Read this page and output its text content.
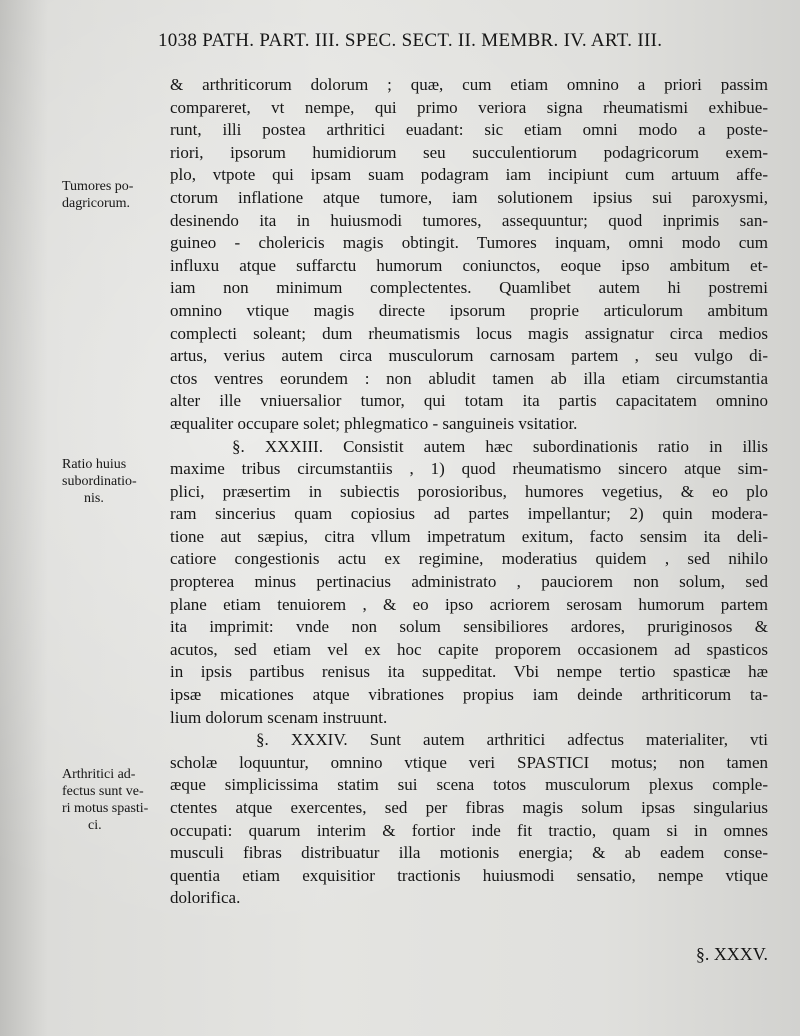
1038 PATH. PART. III. SPEC. SECT. II. MEMBR. IV. ART. III.
& arthriticorum dolorum ; quæ, cum etiam omnino a priori passim
compareret, vt nempe, qui primo veriora signa rheumatismi exhibue-
runt, illi postea arthritici euadant: sic etiam omni modo a poste-
riori, ipsorum humidiorum seu succulentiorum podagricorum exem-
plo, vtpote qui ipsam suam podagram iam incipiunt cum artuum affe-
ctorum inflatione atque tumore, iam solutionem ipsius sui paroxysmi,
desinendo ita in huiusmodi tumores, assequuntur; quod inprimis san-
guineo - cholericis magis obtingit. Tumores inquam, omni modo cum
influxu atque suffarctu humorum coniunctos, eoque ipso ambitum et-
iam non minimum complectentes. Quamlibet autem hi postremi
omnino vtique magis directe ipsorum proprie articulorum ambitum
complecti soleant; dum rheumatismis locus magis assignatur circa medios
artus, verius autem circa musculorum carnosam partem , seu vulgo di-
ctos ventres eorundem : non abludit tamen ab illa etiam circumstantia
alter ille vniuersalior tumor, qui totam ita partis capacitatem omnino
æqualiter occupare solet; phlegmatico - sanguineis vsitatior.
§. XXXIII. Consistit autem hæc subordinationis ratio in illis
maxime tribus circumstantiis , 1) quod rheumatismo sincero atque sim-
plici, præsertim in subiectis porosioribus, humores vegetius, & eo plo
ram sincerius quam copiosius ad partes impellantur; 2) quin modera-
tione aut sæpius, citra vllum impetratum exitum, facto sensim ita deli-
catiore congestionis actu ex regimine, moderatius quidem , sed nihilo
propterea minus pertinacius administrato , pauciorem non solum, sed
plane etiam tenuiorem , & eo ipso acriorem serosam humorum partem
ita imprimit: vnde non solum sensibiliores ardores, pruriginosos &
acutos, sed etiam vel ex hoc capite proporem occasionem ad spasticos
in ipsis partibus renisus ita suppeditat. Vbi nempe tertio spasticæ hæ
ipsæ micationes atque vibrationes propius iam deinde arthriticorum ta-
lium dolorum scenam instruunt.
§. XXXIV. Sunt autem arthritici adfectus materialiter, vti
scholæ loquuntur, omnino vtique veri SPASTICI motus; non tamen
æque simplicissima statim sui scena totos musculorum plexus comple-
ctentes atque exercentes, sed per fibras magis solum ipsas singularius
occupati: quarum interim & fortior inde fit tractio, quam si in omnes
musculi fibras distribuatur illa motionis energia; & ab eadem conse-
quentia etiam exquisitior tractionis huiusmodi sensatio, nempe vtique
dolorifica.
Tumores po-
dagricorum.
Ratio huius
subordinatio-
nis.
Arthritici ad-
fectus sunt ve-
ri motus spasti-
ci.
§. XXXV.
